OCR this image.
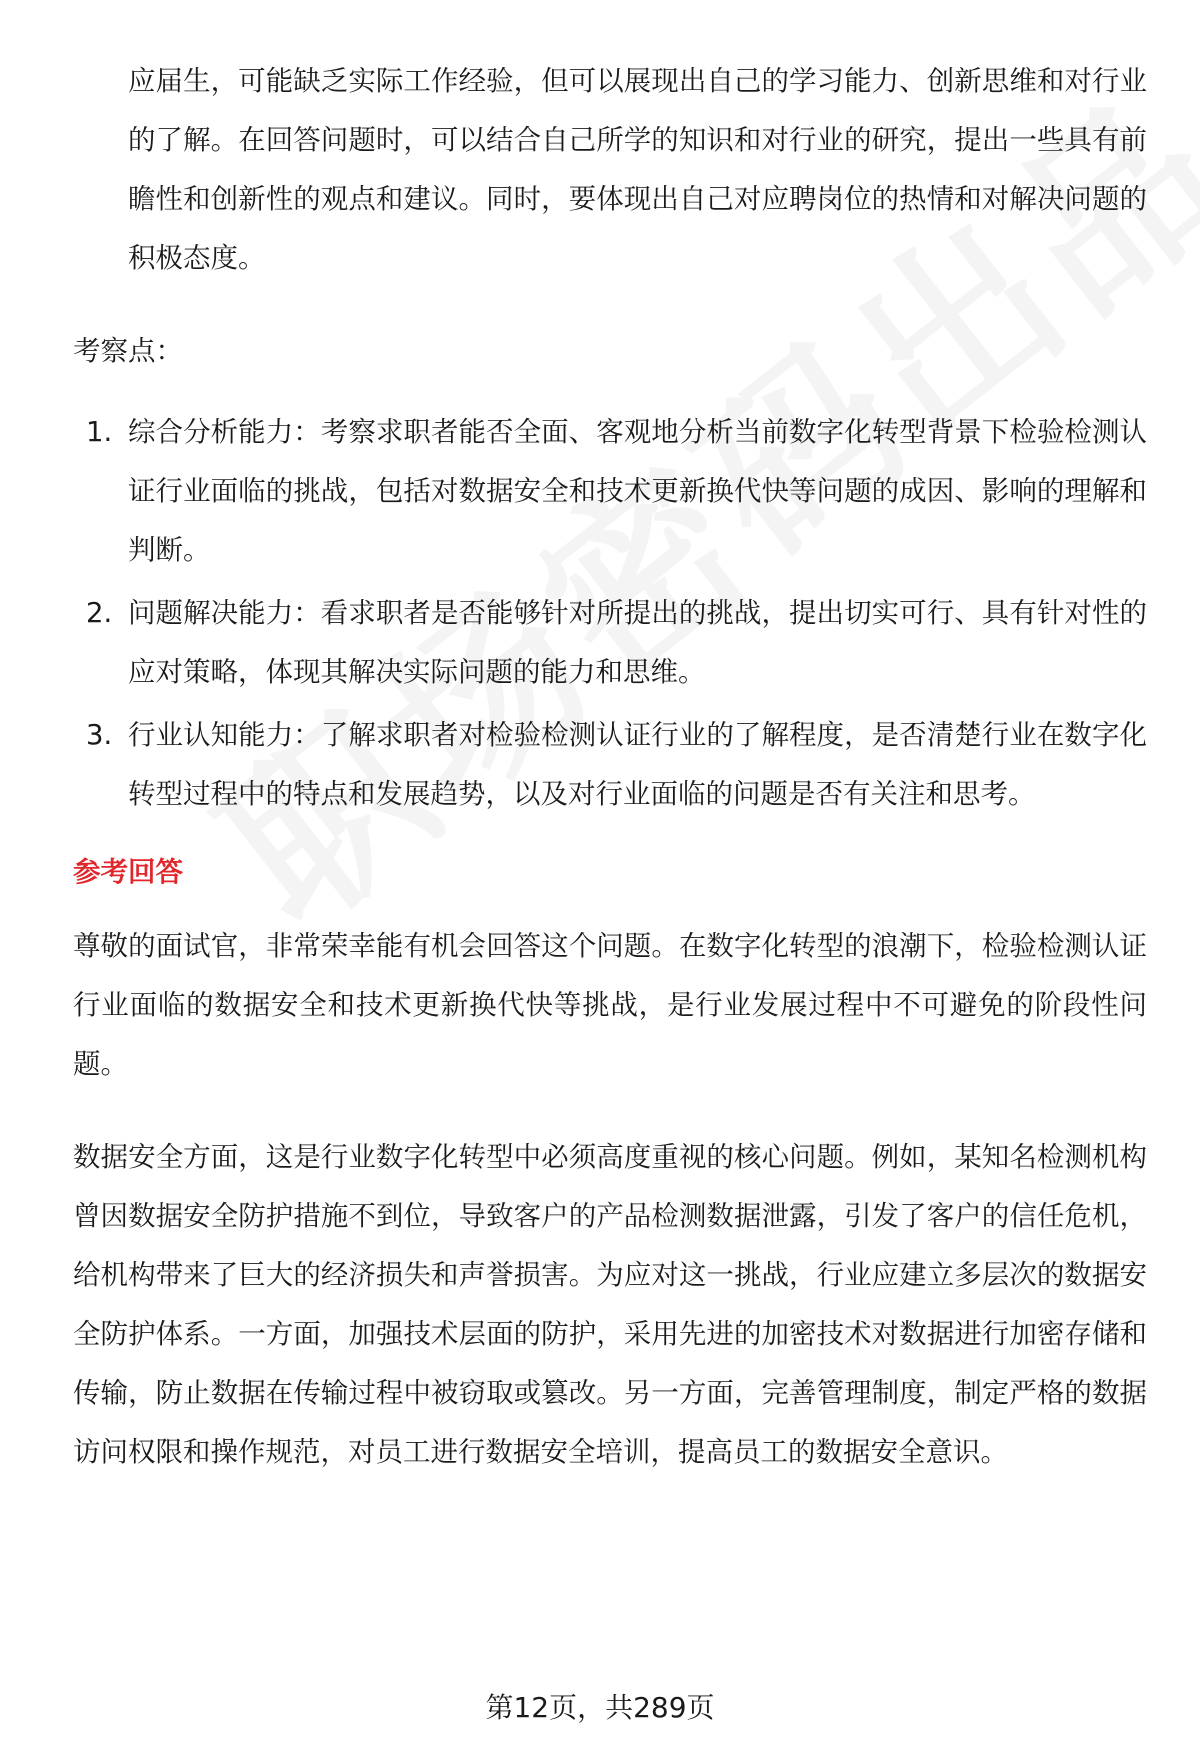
应届生，可能缺乏实际工作经验，但可以展现出自己的学习能力、创新思维和对行业的了解。在回答问题时，可以结合自己所学的知识和对行业的研究，提出一些具有前瞻性和创新性的观点和建议。同时，要体现出自己对应聘岗位的热情和对解决问题的积极态度。

考察点：

1. 综合分析能力：考察求职者能否全面、客观地分析当前数字化转型背景下检验检测认证行业面临的挑战，包括对数据安全和技术更新换代快等问题的成因、影响的理解和判断。
2. 问题解决能力：看求职者是否能够针对所提出的挑战，提出切实可行、具有针对性的应对策略，体现其解决实际问题的能力和思维。
3. 行业认知能力：了解求职者对检验检测认证行业的了解程度，是否清楚行业在数字化转型过程中的特点和发展趋势，以及对行业面临的问题是否有关注和思考。

参考回答

尊敬的面试官，非常荣幸能有机会回答这个问题。在数字化转型的浪潮下，检验检测认证行业面临的数据安全和技术更新换代快等挑战，是行业发展过程中不可避免的阶段性问题。

数据安全方面，这是行业数字化转型中必须高度重视的核心问题。例如，某知名检测机构曾因数据安全防护措施不到位，导致客户的产品检测数据泄露，引发了客户的信任危机，给机构带来了巨大的经济损失和声誉损害。为应对这一挑战，行业应建立多层次的数据安全防护体系。一方面，加强技术层面的防护，采用先进的加密技术对数据进行加密存储和传输，防止数据在传输过程中被窃取或篡改。另一方面，完善管理制度，制定严格的数据访问权限和操作规范，对员工进行数据安全培训，提高员工的数据安全意识。

第12页，共289页
